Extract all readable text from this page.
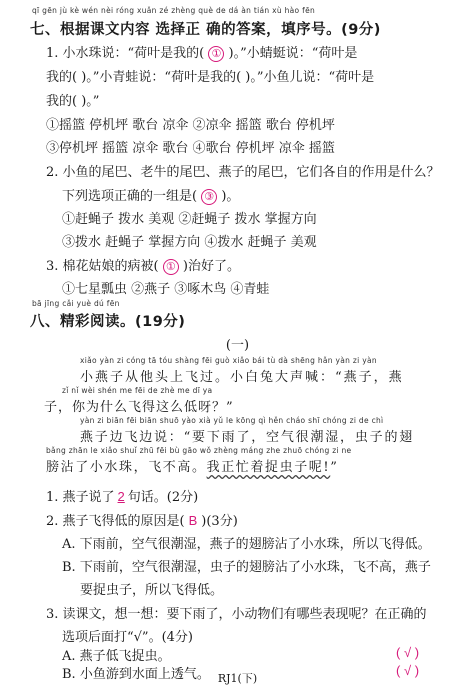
qī gēn jù kè wén nèi róng xuǎn zé zhèng què de dá àn tián xù hào fēn
七、根据课文内容 选择正 确的答案，填序号。(9分)
1. 小水珠说：“荷叶是我的( ① )。”小蜻蜓说：“荷叶是
我的( )。”小青蛙说：“荷叶是我的( )。”小鱼儿说：“荷叶是
我的( )。”
①摇篮 停机坪 歌台 凉伞 ②凉伞 摇篮 歌台 停机坪
③停机坪 摇篮 凉伞 歌台 ④歌台 停机坪 凉伞 摇篮
2. 小鱼的尾巴、老牛的尾巴、燕子的尾巴，它们各自的作用是什么？
下列选项正确的一组是( ③ )。
①赶蝇子 拨水 美观 ②赶蝇子 拨水 掌握方向
③拨水 赶蝇子 掌握方向 ④拨水 赶蝇子 美观
3. 棉花姑娘的病被( ① )治好了。
①七星瓢虫 ②燕子 ③啄木鸟 ④青蛙
bā jīng cǎi yuè dú fēn
八、精彩阅读。(19分)
(一)
xiǎo yàn zi cóng tā tóu shàng fēi guò xiǎo bái tù dà shēng hǎn yàn zi yàn
小燕子从他头上飞过。小白兔大声喊：“燕子，燕
zǐ nǐ wèi shén me fēi de zhè me dī ya
子，你为什么飞得这么低呀？”
yàn zi biān fēi biān shuō yào xià yǔ le kōng qì hěn cháo shī chóng zi de chì
燕子边飞边说：“要下雨了，空气很潮湿，虫子的翅
bǎng zhān le xiǎo shuǐ zhū fēi bù gāo wǒ zhèng máng zhe zhuō chóng zi ne
膀沾了小水珠，飞不高。我正忙着捉虫子呢!”
1. 燕子说了 2 句话。(2分)
2. 燕子飞得低的原因是( B )(3分)
A. 下雨前，空气很潮湿，燕子的翅膀沾了小水珠，所以飞得低。
B. 下雨前，空气很潮湿，虫子的翅膀沾了小水珠，飞不高，燕子
要捉虫子，所以飞得低。
3. 读课文，想一想：要下雨了，小动物们有哪些表现呢？在正确的
选项后面打“√”。(4分)
A. 燕子低飞捉虫。	( √ )
B. 小鱼游到水面上透气。	( √ )
RJ1(下)
